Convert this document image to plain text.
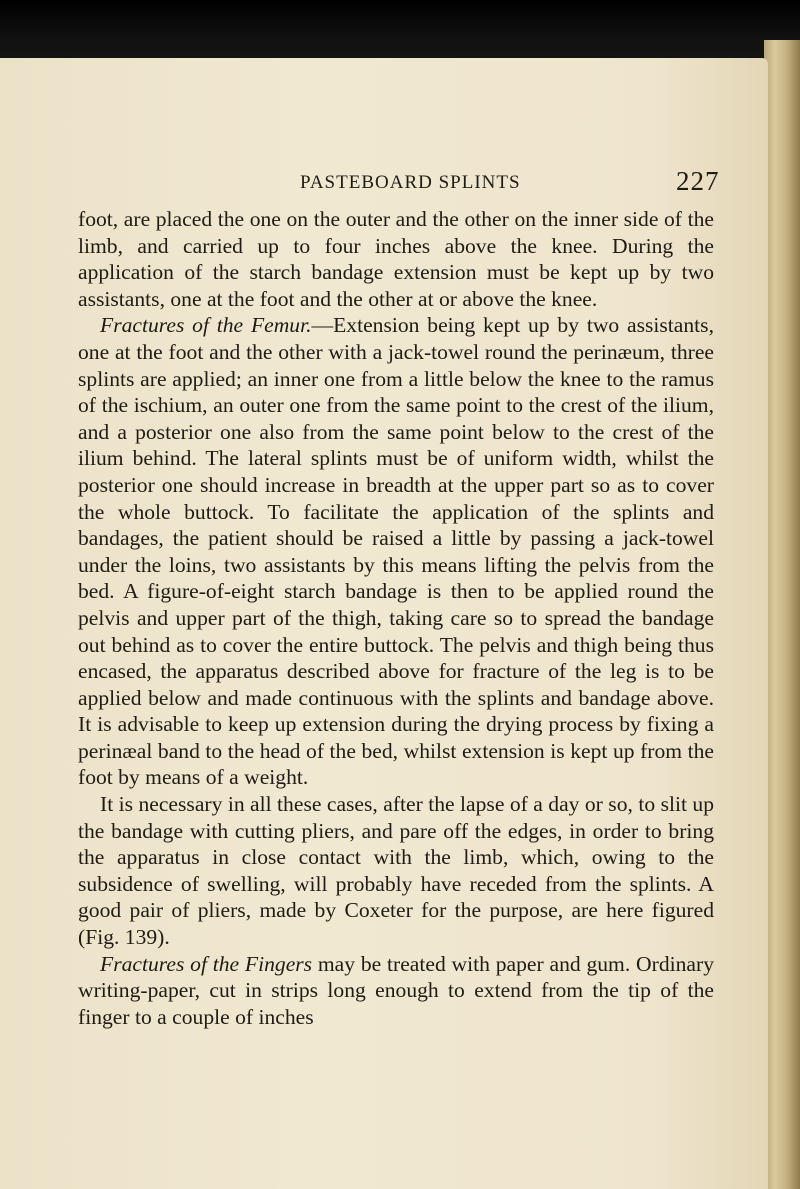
PASTEBOARD SPLINTS	227

foot, are placed the one on the outer and the other on the inner side of the limb, and carried up to four inches above the knee. During the application of the starch bandage extension must be kept up by two assistants, one at the foot and the other at or above the knee.

Fractures of the Femur.—Extension being kept up by two assistants, one at the foot and the other with a jack-towel round the perinæum, three splints are applied; an inner one from a little below the knee to the ramus of the ischium, an outer one from the same point to the crest of the ilium, and a posterior one also from the same point below to the crest of the ilium behind. The lateral splints must be of uniform width, whilst the posterior one should increase in breadth at the upper part so as to cover the whole buttock. To facilitate the application of the splints and bandages, the patient should be raised a little by passing a jack-towel under the loins, two assistants by this means lifting the pelvis from the bed. A figure-of-eight starch bandage is then to be applied round the pelvis and upper part of the thigh, taking care so to spread the bandage out behind as to cover the entire buttock. The pelvis and thigh being thus encased, the apparatus described above for fracture of the leg is to be applied below and made continuous with the splints and bandage above. It is advisable to keep up extension during the drying process by fixing a perinæal band to the head of the bed, whilst extension is kept up from the foot by means of a weight.

It is necessary in all these cases, after the lapse of a day or so, to slit up the bandage with cutting pliers, and pare off the edges, in order to bring the apparatus in close contact with the limb, which, owing to the subsidence of swelling, will probably have receded from the splints. A good pair of pliers, made by Coxeter for the purpose, are here figured (Fig. 139).

Fractures of the Fingers may be treated with paper and gum. Ordinary writing-paper, cut in strips long enough to extend from the tip of the finger to a couple of inches
